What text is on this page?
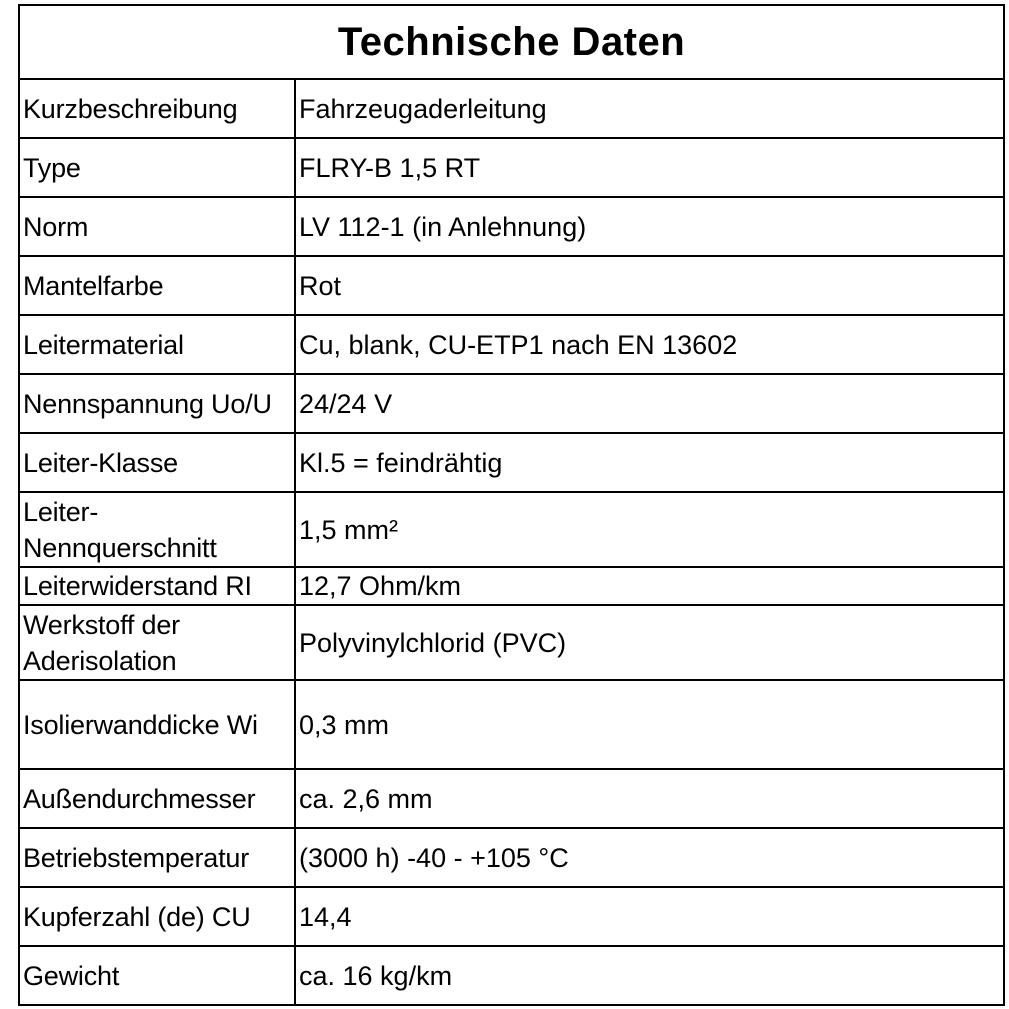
Technische Daten	
Kurzbeschreibung	Fahrzeugaderleitung
Type	FLRY-B 1,5 RT
Norm	LV 112-1 (in Anlehnung)
Mantelfarbe	Rot
Leitermaterial	Cu, blank, CU-ETP1 nach EN 13602
Nennspannung Uo/U	24/24 V
Leiter-Klasse	Kl.5 = feindrähtig

Leiter-
Nennquerschnitt	1,5 mm²
Leiterwiderstand RI	12,7 Ohm/km

Werkstoff der
Aderisolation	Polyvinylchlorid (PVC)
Isolierwanddicke Wi	0,3 mm
Außendurchmesser	ca. 2,6 mm
Betriebstemperatur	(3000 h) -40 - +105 °C
Kupferzahl (de) CU	14,4
Gewicht	ca. 16 kg/km
